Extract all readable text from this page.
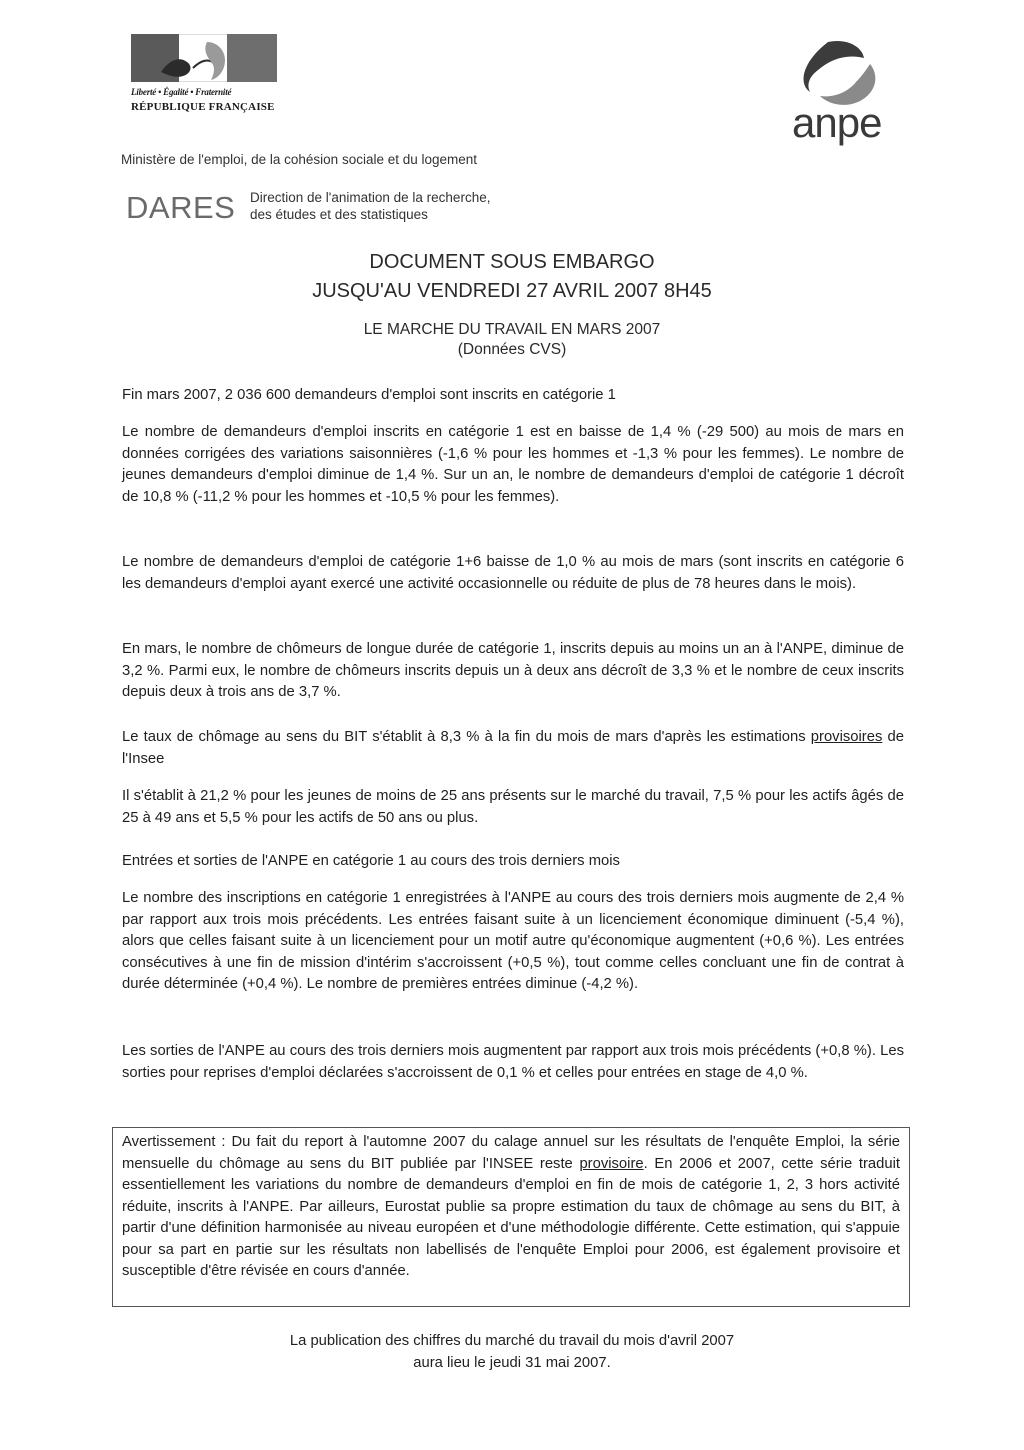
Liberté • Égalité • Fraternité
RÉPUBLIQUE FRANÇAISE	anpe
Ministère de l'emploi, de la cohésion sociale et du logement
DARES Direction de l'animation de la recherche,
des études et des statistiques
DOCUMENT SOUS EMBARGO
JUSQU'AU VENDREDI 27 AVRIL 2007 8H45
LE MARCHE DU TRAVAIL EN MARS 2007
(Données CVS)
Fin mars 2007, 2 036 600 demandeurs d'emploi sont inscrits en catégorie 1
Le nombre de demandeurs d'emploi inscrits en catégorie 1 est en baisse de 1,4 % (-29 500) au mois de mars en données corrigées des variations saisonnières (-1,6 % pour les hommes et -1,3 % pour les femmes). Le nombre de jeunes demandeurs d'emploi diminue de 1,4 %. Sur un an, le nombre de demandeurs d'emploi de catégorie 1 décroît de 10,8 % (-11,2 % pour les hommes et -10,5 % pour les femmes).
Le nombre de demandeurs d'emploi de catégorie 1+6 baisse de 1,0 % au mois de mars (sont inscrits en catégorie 6 les demandeurs d'emploi ayant exercé une activité occasionnelle ou réduite de plus de 78 heures dans le mois).
En mars, le nombre de chômeurs de longue durée de catégorie 1, inscrits depuis au moins un an à l'ANPE, diminue de 3,2 %. Parmi eux, le nombre de chômeurs inscrits depuis un à deux ans décroît de 3,3 % et le nombre de ceux inscrits depuis deux à trois ans de 3,7 %.
Le taux de chômage au sens du BIT s'établit à 8,3 % à la fin du mois de mars d'après les estimations provisoires de l'Insee
Il s'établit à 21,2 % pour les jeunes de moins de 25 ans présents sur le marché du travail, 7,5 % pour les actifs âgés de 25 à 49 ans et 5,5 % pour les actifs de 50 ans ou plus.
Entrées et sorties de l'ANPE en catégorie 1 au cours des trois derniers mois
Le nombre des inscriptions en catégorie 1 enregistrées à l'ANPE au cours des trois derniers mois augmente de 2,4 % par rapport aux trois mois précédents. Les entrées faisant suite à un licenciement économique diminuent (-5,4 %), alors que celles faisant suite à un licenciement pour un motif autre qu'économique augmentent (+0,6 %). Les entrées consécutives à une fin de mission d'intérim s'accroissent (+0,5 %), tout comme celles concluant une fin de contrat à durée déterminée (+0,4 %). Le nombre de premières entrées diminue (-4,2 %).
Les sorties de l'ANPE au cours des trois derniers mois augmentent par rapport aux trois mois précédents (+0,8 %). Les sorties pour reprises d'emploi déclarées s'accroissent de 0,1 % et celles pour entrées en stage de 4,0 %.
Avertissement : Du fait du report à l'automne 2007 du calage annuel sur les résultats de l'enquête Emploi, la série mensuelle du chômage au sens du BIT publiée par l'INSEE reste provisoire. En 2006 et 2007, cette série traduit essentiellement les variations du nombre de demandeurs d'emploi en fin de mois de catégorie 1, 2, 3 hors activité réduite, inscrits à l'ANPE. Par ailleurs, Eurostat publie sa propre estimation du taux de chômage au sens du BIT, à partir d'une définition harmonisée au niveau européen et d'une méthodologie différente. Cette estimation, qui s'appuie pour sa part en partie sur les résultats non labellisés de l'enquête Emploi pour 2006, est également provisoire et susceptible d'être révisée en cours d'année.
La publication des chiffres du marché du travail du mois d'avril 2007
aura lieu le jeudi 31 mai 2007.
